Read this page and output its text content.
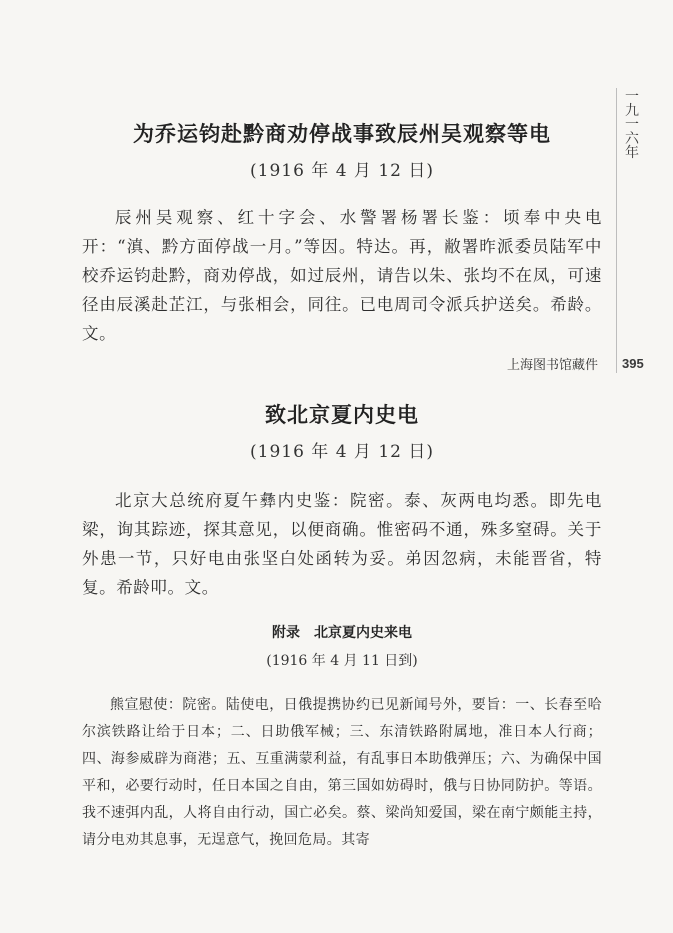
一九一六年
395
为乔运钧赴黔商劝停战事致辰州吴观察等电

(1916 年 4 月 12 日)

辰州吴观察、红十字会、水警署杨署长鉴：顷奉中央电开：“滇、黔方面停战一月。”等因。特达。再，敝署昨派委员陆军中校乔运钧赴黔，商劝停战，如过辰州，请告以朱、张均不在凤，可速径由辰溪赴芷江，与张相会，同往。已电周司令派兵护送矣。希龄。文。

上海图书馆藏件

致北京夏内史电

(1916 年 4 月 12 日)

北京大总统府夏午彝内史鉴：院密。泰、灰两电均悉。即先电梁，询其踪迹，探其意见，以便商确。惟密码不通，殊多窒碍。关于外患一节，只好电由张坚白处函转为妥。弟因忽病，未能晋省，特复。希龄叩。文。

附录 北京夏内史来电

(1916 年 4 月 11 日到)

熊宣慰使：院密。陆使电，日俄提携协约已见新闻号外，要旨：一、长春至哈尔滨铁路让给于日本；二、日助俄军械；三、东清铁路附属地，准日本人行商；四、海参威辟为商港；五、互重满蒙利益，有乱事日本助俄弹压；六、为确保中国平和，必要行动时，任日本国之自由，第三国如妨碍时，俄与日协同防护。等语。我不速弭内乱，人将自由行动，国亡必矣。蔡、梁尚知爱国，梁在南宁颇能主持，请分电劝其息事，无逞意气，挽回危局。其寄
